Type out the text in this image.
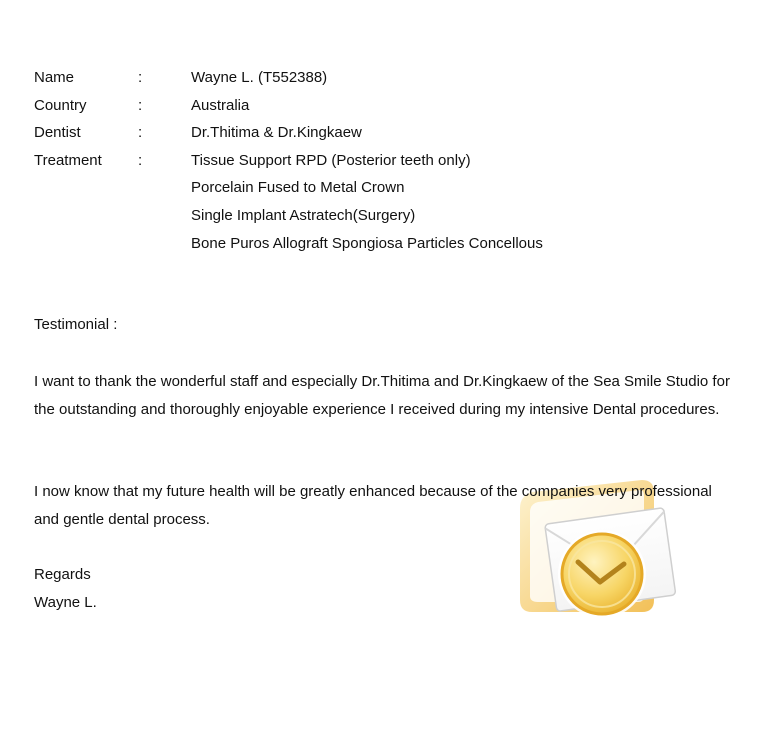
Name	:	Wayne L. (T552388)
Country	:	Australia
Dentist	:	Dr.Thitima & Dr.Kingkaew
Treatment	:	Tissue Support RPD (Posterior teeth only)
Porcelain Fused to Metal Crown
Single Implant Astratech(Surgery)
Bone Puros Allograft Spongiosa Particles Concellous
Testimonial :
I want to thank the wonderful staff and especially Dr.Thitima and Dr.Kingkaew of the Sea Smile Studio for the outstanding and thoroughly enjoyable experience I received during my intensive Dental procedures.
I now know that my future health will be greatly enhanced because of the companies very professional and gentle dental process.
Regards
Wayne L.
